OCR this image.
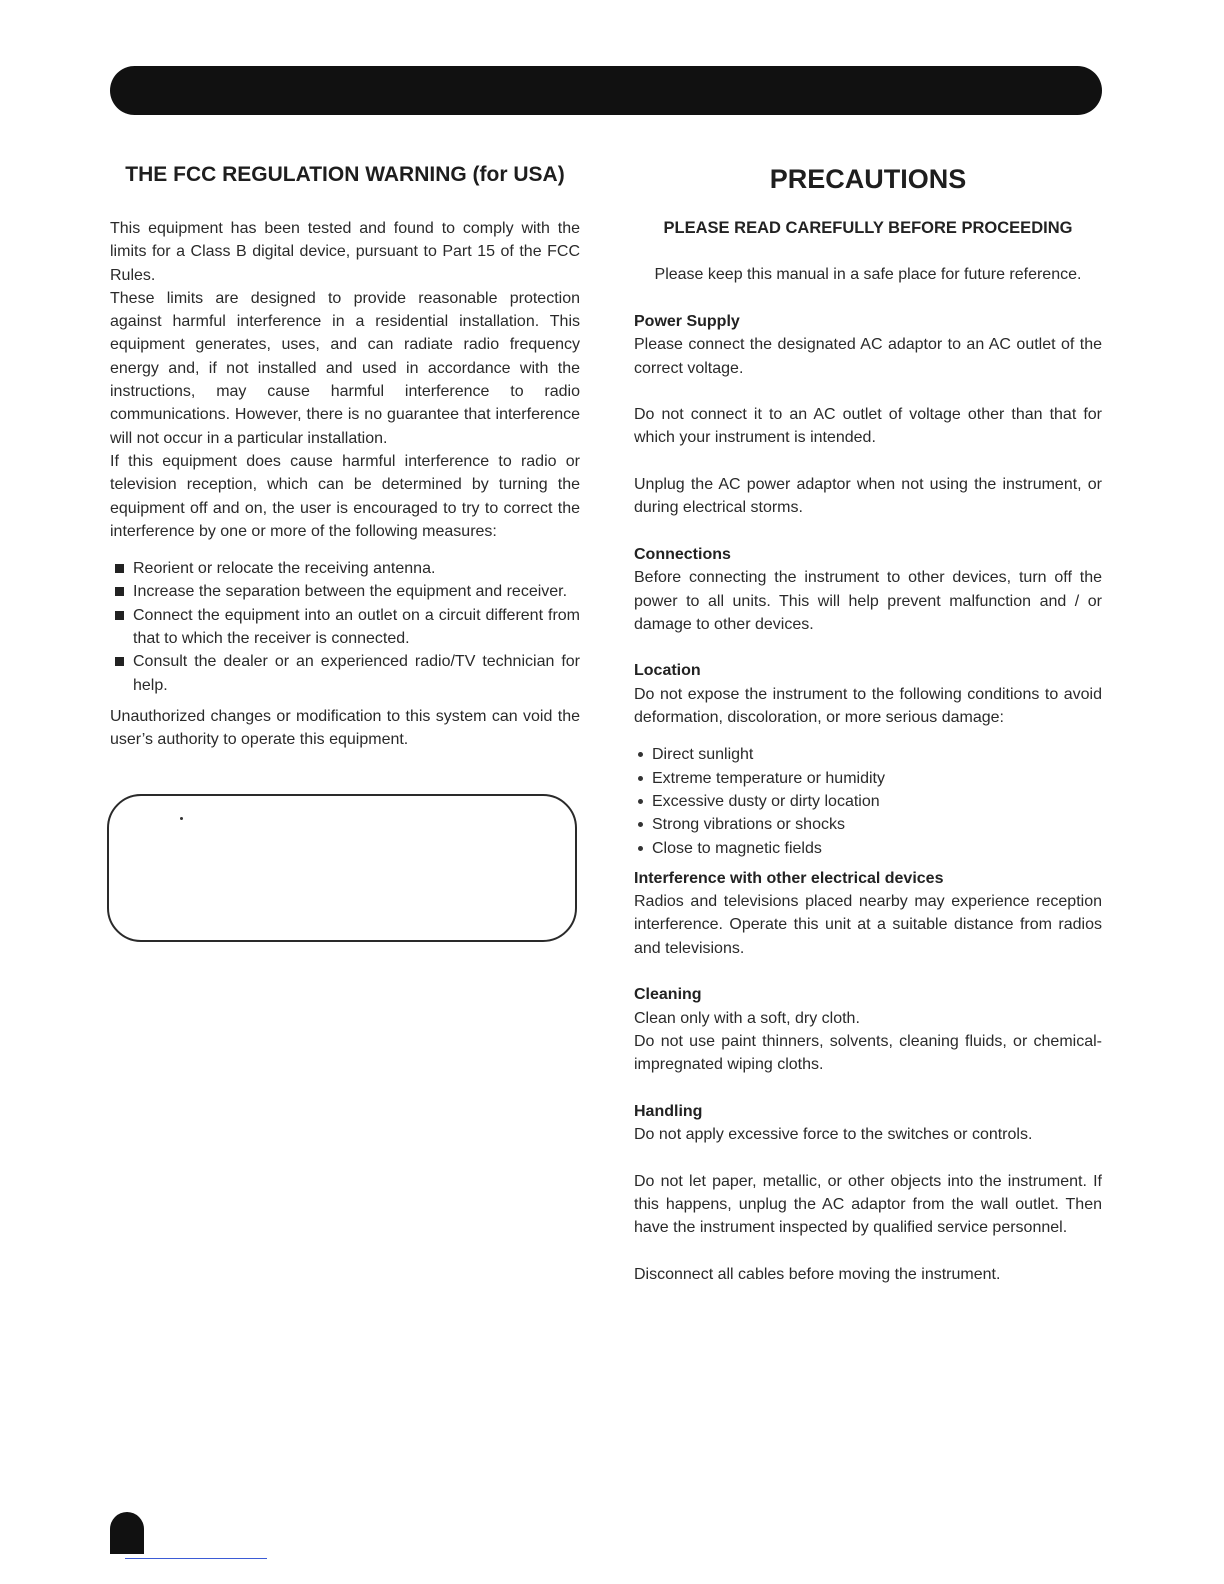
THE FCC REGULATION WARNING (for USA)

This equipment has been tested and found to comply with the limits for a Class B digital device, pursuant to Part 15 of the FCC Rules.

These limits are designed to provide reasonable protection against harmful interference in a residential installation. This equipment generates, uses, and can radiate radio frequency energy and, if not installed and used in accordance with the instructions, may cause harmful interference to radio communications. However, there is no guarantee that interference will not occur in a particular installation.

If this equipment does cause harmful interference to radio or television reception, which can be determined by turning the equipment off and on, the user is encouraged to try to correct the interference by one or more of the following measures:

Reorient or relocate the receiving antenna.
Increase the separation between the equipment and receiver.
Connect the equipment into an outlet on a circuit different from that to which the receiver is connected.
Consult the dealer or an experienced radio/TV technician for help.

Unauthorized changes or modification to this system can void the user’s authority to operate this equipment.

PRECAUTIONS

PLEASE READ CAREFULLY BEFORE PROCEEDING

Please keep this manual in a safe place for future reference.

Power Supply

Please connect the designated AC adaptor to an AC outlet of the correct voltage.

Do not connect it to an AC outlet of voltage other than that for which your instrument is intended.

Unplug the AC power adaptor when not using the instrument, or during electrical storms.

Connections

Before connecting the instrument to other devices, turn off the power to all units. This will help prevent malfunction and / or damage to other devices.

Location

Do not expose the instrument to the following conditions to avoid deformation, discoloration, or more serious damage:

Direct sunlight
Extreme temperature or humidity
Excessive dusty or dirty location
Strong vibrations or shocks
Close to magnetic fields

Interference with other electrical devices

Radios and televisions placed nearby may experience reception interference. Operate this unit at a suitable distance from radios and televisions.

Cleaning

Clean only with a soft, dry cloth.

Do not use paint thinners, solvents, cleaning fluids, or chemical-impregnated wiping cloths.

Handling

Do not apply excessive force to the switches or controls.

Do not let paper, metallic, or other objects into the instrument. If this happens, unplug the AC adaptor from the wall outlet. Then have the instrument inspected by qualified service personnel.

Disconnect all cables before moving the instrument.
